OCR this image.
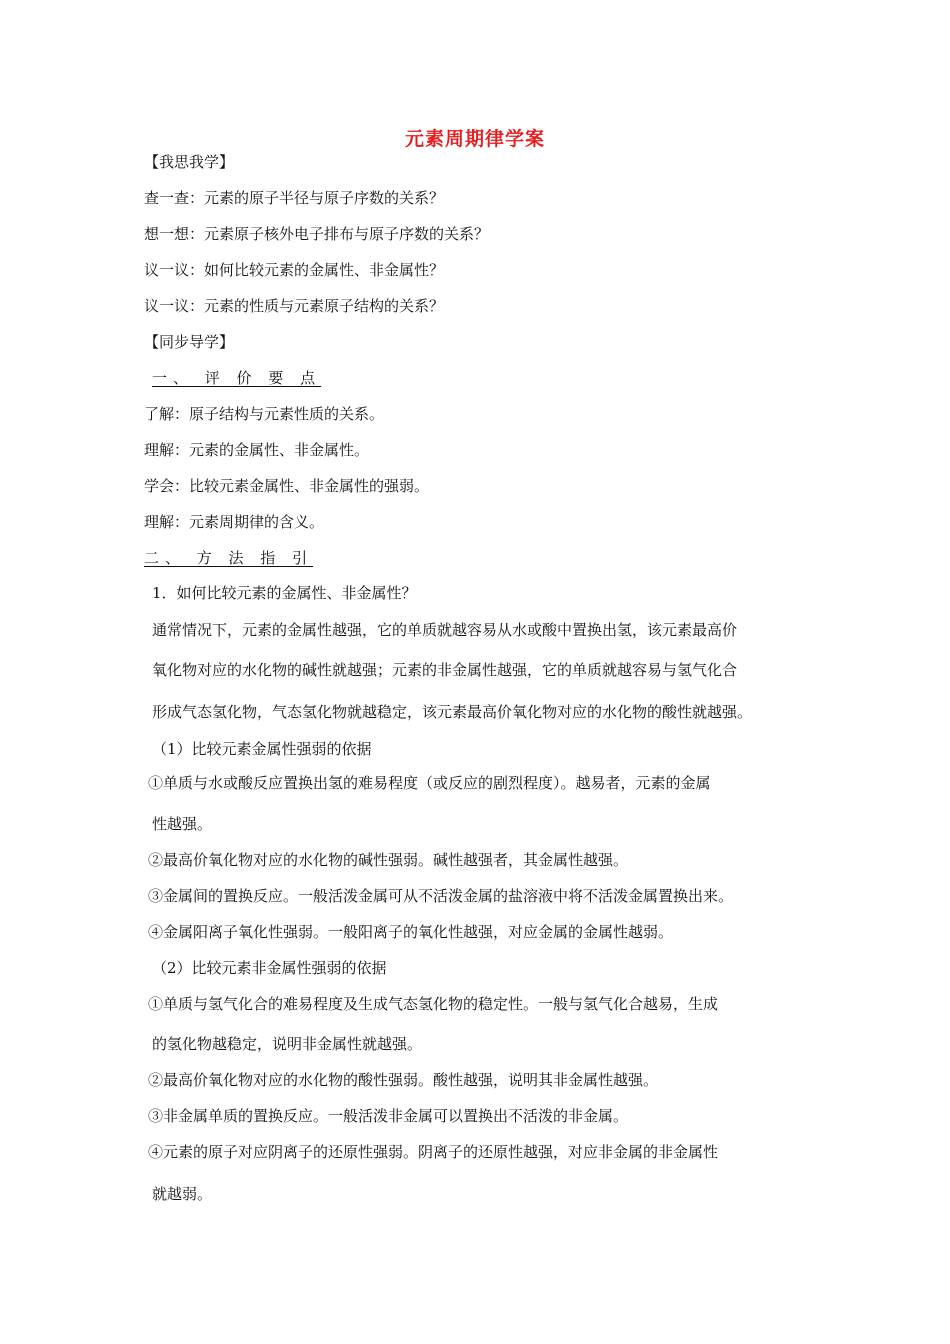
元素周期律学案
【我思我学】
查一查：元素的原子半径与原子序数的关系？
想一想：元素原子核外电子排布与原子序数的关系？
议一议：如何比较元素的金属性、非金属性？
议一议：元素的性质与元素原子结构的关系？
【同步导学】
一、 评 价 要 点
了解：原子结构与元素性质的关系。
理解：元素的金属性、非金属性。
学会：比较元素金属性、非金属性的强弱。
理解：元素周期律的含义。
二、 方 法 指 引
1．如何比较元素的金属性、非金属性？
通常情况下，元素的金属性越强，它的单质就越容易从水或酸中置换出氢，该元素最高价
氧化物对应的水化物的碱性就越强；元素的非金属性越强，它的单质就越容易与氢气化合
形成气态氢化物，气态氢化物就越稳定，该元素最高价氧化物对应的水化物的酸性就越强。
（1）比较元素金属性强弱的依据
①单质与水或酸反应置换出氢的难易程度（或反应的剧烈程度）。越易者，元素的金属
性越强。
②最高价氧化物对应的水化物的碱性强弱。碱性越强者，其金属性越强。
③金属间的置换反应。一般活泼金属可从不活泼金属的盐溶液中将不活泼金属置换出来。
④金属阳离子氧化性强弱。一般阳离子的氧化性越强，对应金属的金属性越弱。
（2）比较元素非金属性强弱的依据
①单质与氢气化合的难易程度及生成气态氢化物的稳定性。一般与氢气化合越易，生成
的氢化物越稳定，说明非金属性就越强。
②最高价氧化物对应的水化物的酸性强弱。酸性越强，说明其非金属性越强。
③非金属单质的置换反应。一般活泼非金属可以置换出不活泼的非金属。
④元素的原子对应阴离子的还原性强弱。阴离子的还原性越强，对应非金属的非金属性
就越弱。
